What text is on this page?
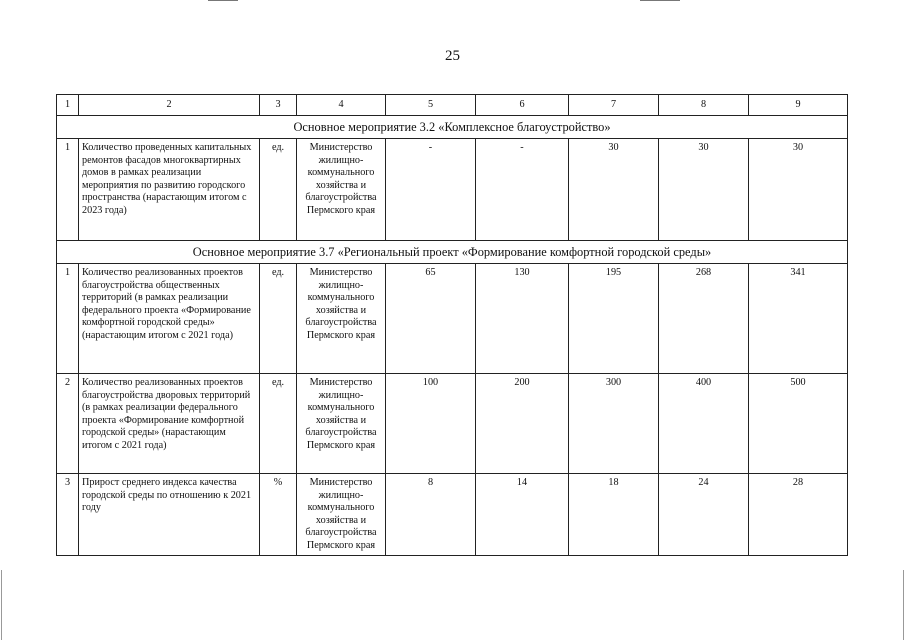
25
1	2	3	4	5	6	7	8	9
Основное мероприятие 3.2 «Комплексное благоустройство»								
1	Количество проведенных капитальных ремонтов фасадов многоквартирных домов в рамках реализации мероприятия по развитию городского пространства (нарастающим итогом с 2023 года)	ед.	Министерство жилищно-коммунального хозяйства и благоустройства Пермского края	-	-	30	30	30
Основное мероприятие 3.7 «Региональный проект «Формирование комфортной городской среды»								
1	Количество реализованных проектов благоустройства общественных территорий (в рамках реализации федерального проекта «Формирование комфортной городской среды» (нарастающим итогом с 2021 года)	ед.	Министерство жилищно-коммунального хозяйства и благоустройства Пермского края	65	130	195	268	341
2	Количество реализованных проектов благоустройства дворовых территорий (в рамках реализации федерального проекта «Формирование комфортной городской среды» (нарастающим итогом с 2021 года)	ед.	Министерство жилищно-коммунального хозяйства и благоустройства Пермского края	100	200	300	400	500
3	Прирост среднего индекса качества городской среды по отношению к 2021 году	%	Министерство жилищно-коммунального хозяйства и благоустройства Пермского края	8	14	18	24	28
